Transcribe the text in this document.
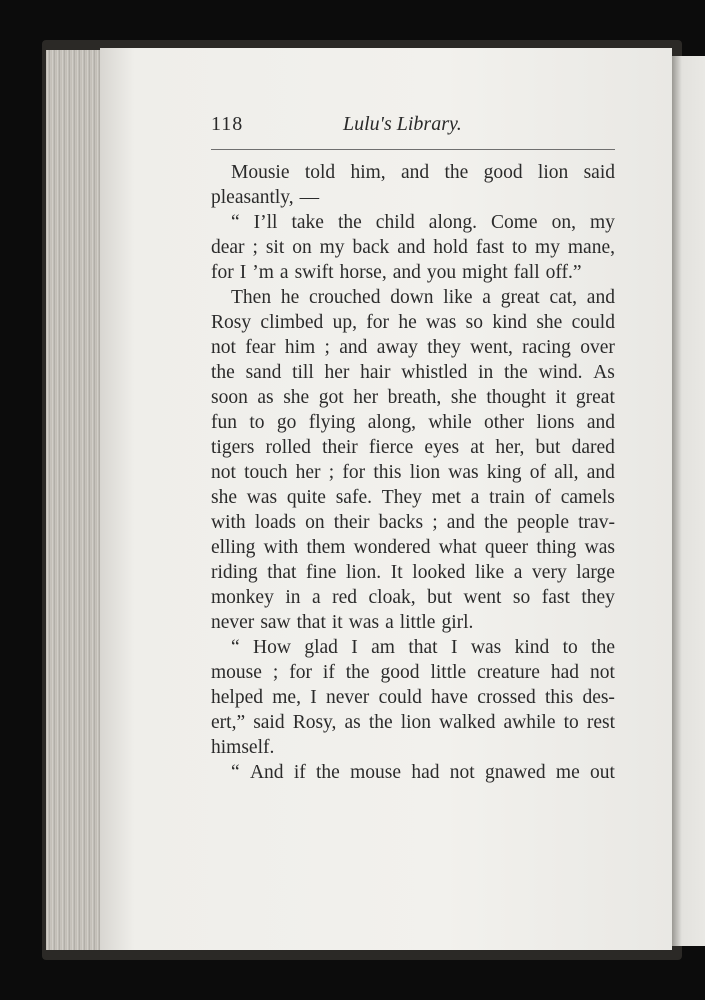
118	Lulu's Library.
Mousie told him, and the good lion said
pleasantly, —
“ I’ll take the child along. Come on, my
dear ; sit on my back and hold fast to my mane,
for I ’m a swift horse, and you might fall off.”
Then he crouched down like a great cat, and
Rosy climbed up, for he was so kind she could
not fear him ; and away they went, racing over
the sand till her hair whistled in the wind. As
soon as she got her breath, she thought it great
fun to go flying along, while other lions and
tigers rolled their fierce eyes at her, but dared
not touch her ; for this lion was king of all, and
she was quite safe. They met a train of camels
with loads on their backs ; and the people trav-
elling with them wondered what queer thing was
riding that fine lion. It looked like a very large
monkey in a red cloak, but went so fast they
never saw that it was a little girl.
“ How glad I am that I was kind to the
mouse ; for if the good little creature had not
helped me, I never could have crossed this des-
ert,” said Rosy, as the lion walked awhile to rest
himself.
“ And if the mouse had not gnawed me out
